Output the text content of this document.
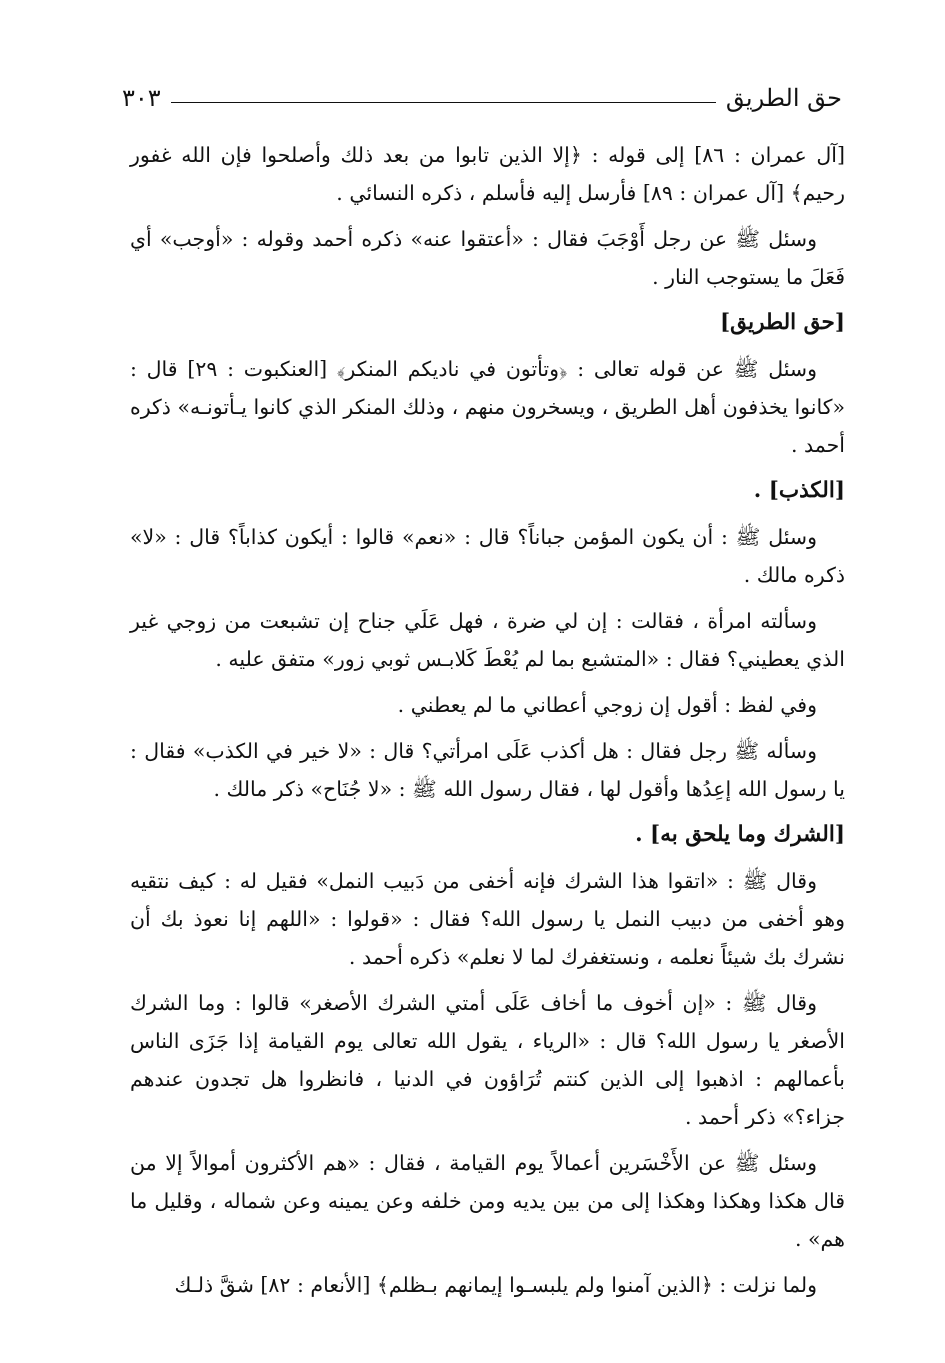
حق الطريق
٣٠٣

[آل عمران : ٨٦] إلى قوله : ﴿إلا الذين تابوا من بعد ذلك وأصلحوا فإن الله غفور رحيم﴾ [آل عمران : ٨٩] فأرسل إليه فأسلم ، ذكره النسائي .

وسئل ﷺ عن رجل أَوْجَبَ فقال : «أعتقوا عنه» ذكره أحمد وقوله : «أوجب» أي فَعَلَ ما يستوجب النار .

[حق الطريق]

وسئل ﷺ عن قوله تعالى : ﴿وتأتون في ناديكم المنكر﴾ [العنكبوت : ٢٩] قال : «كانوا يخذفون أهل الطريق ، ويسخرون منهم ، وذلك المنكر الذي كانوا يـأتونـه» ذكره أحمد .

[الكذب] .

وسئل ﷺ : أن يكون المؤمن جباناً؟ قال : «نعم» قالوا : أيكون كذاباً؟ قال : «لا» ذكره مالك .

وسألته امرأة ، فقالت : إن لي ضرة ، فهل عَلَي جناح إن تشبعت من زوجي غير الذي يعطيني؟ فقال : «المتشبع بما لم يُعْطَ كَلابـس ثوبي زور» متفق عليه .

وفي لفظ : أقول إن زوجي أعطاني ما لم يعطني .

وسأله ﷺ رجل فقال : هل أكذب عَلَى امرأتي؟ قال : «لا خير في الكذب» فقال : يا رسول الله إعِدُها وأقول لها ، فقال رسول الله ﷺ : «لا جُنَاح» ذكر مالك .

[الشرك وما يلحق به] .

وقال ﷺ : «اتقوا هذا الشرك فإنه أخفى من دَبيب النمل» فقيل له : كيف نتقيه وهو أخفى من دبيب النمل يا رسول الله؟ فقال : «قولوا : «اللهم إنا نعوذ بك أن نشرك بك شيئاً نعلمه ، ونستغفرك لما لا نعلم» ذكره أحمد .

وقال ﷺ : «إن أخوف ما أخاف عَلَى أمتي الشرك الأصغر» قالوا : وما الشرك الأصغر يا رسول الله؟ قال : «الرياء ، يقول الله تعالى يوم القيامة إذا جَزَى الناس بأعمالهم : اذهبوا إلى الذين كنتم تُرَاؤون في الدنيا ، فانظروا هل تجدون عندهم جزاء؟» ذكر أحمد .

وسئل ﷺ عن الأَخْسَرين أعمالاً يوم القيامة ، فقال : «هم الأكثرون أموالاً إلا من قال هكذا وهكذا وهكذا إلى من بين يديه ومن خلفه وعن يمينه وعن شماله ، وقليل ما هم» .

ولما نزلت : ﴿الذين آمنوا ولم يلبسـوا إيمانهم بـظلم﴾ [الأنعام : ٨٢] شقَّ ذلـك
